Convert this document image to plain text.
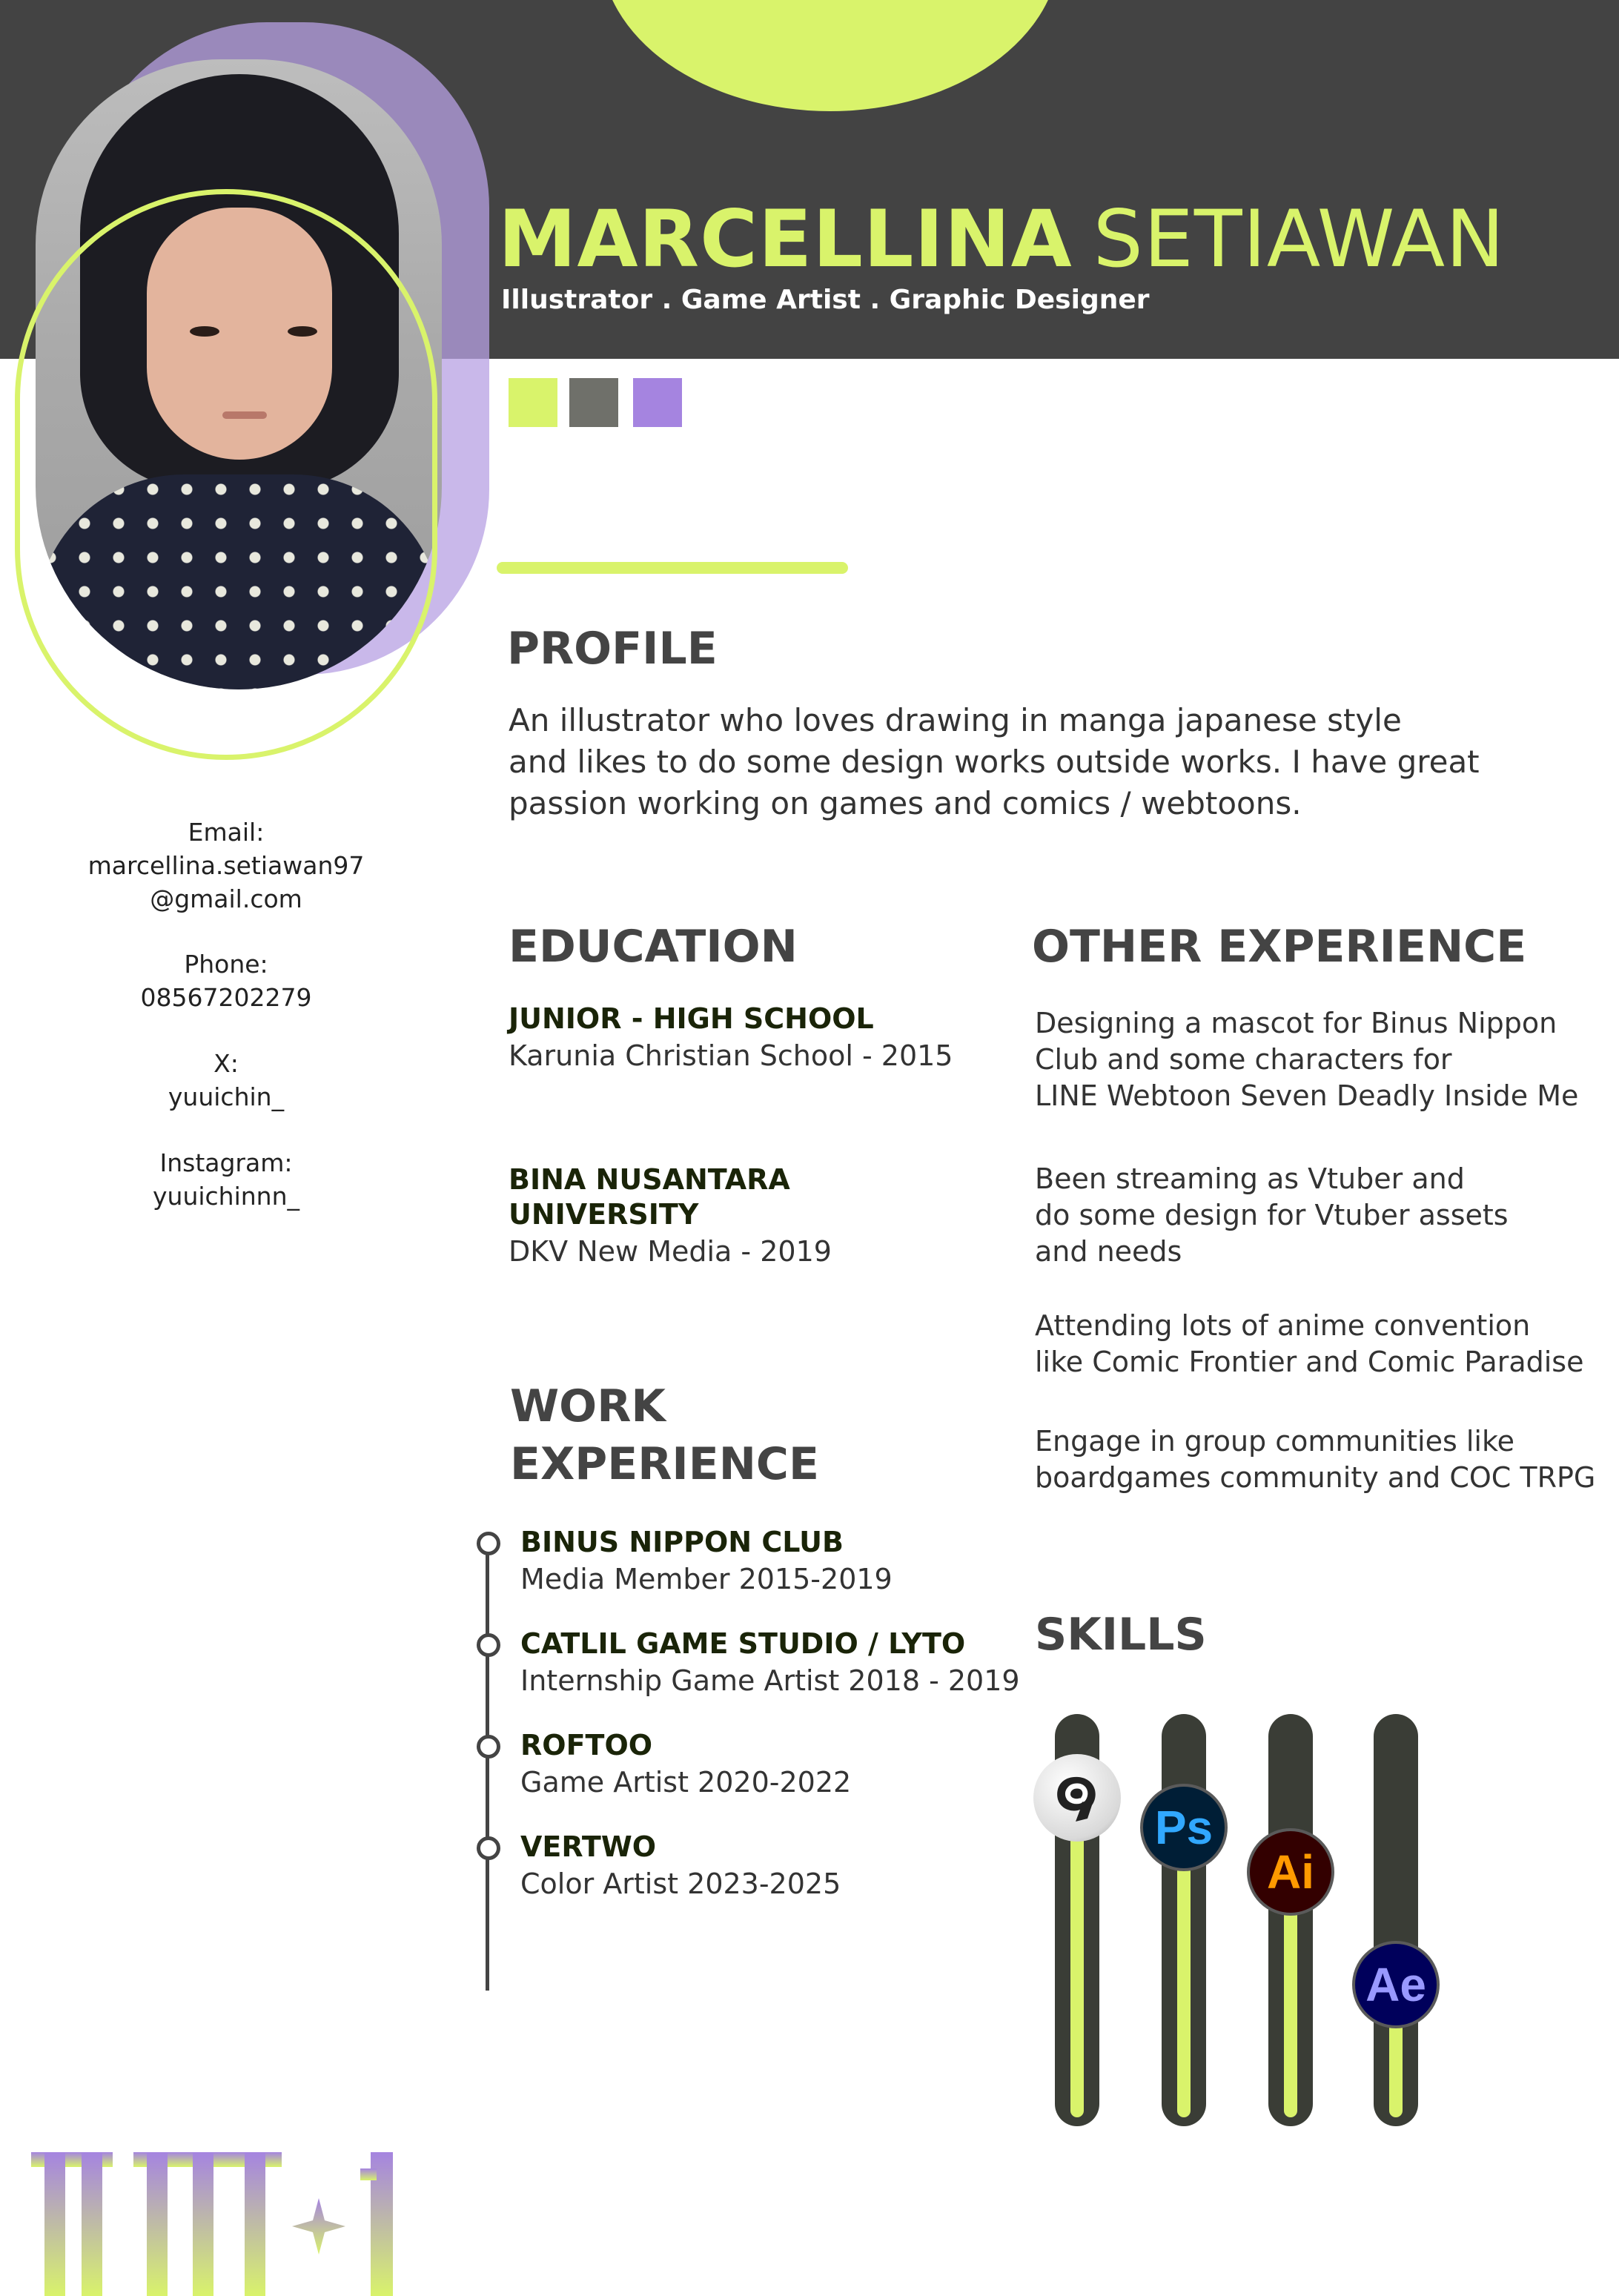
MARCELLINA SETIAWAN
Illustrator . Game Artist . Graphic Designer
Email:
marcellina.setiawan97
@gmail.com
Phone:
08567202279
X:
yuuichin_
Instagram:
yuuichinnn_
PROFILE
An illustrator who loves drawing in manga japanese style
and likes to do some design works outside works. I have great
passion working on games and comics / webtoons.
EDUCATION
JUNIOR - HIGH SCHOOL
Karunia Christian School - 2015
BINA NUSANTARA
UNIVERSITY
DKV New Media - 2019
WORK
EXPERIENCE
BINUS NIPPON CLUB
Media Member 2015-2019
CATLIL GAME STUDIO / LYTO
Internship Game Artist 2018 - 2019
ROFTOO
Game Artist 2020-2022
VERTWO
Color Artist 2023-2025
OTHER EXPERIENCE
Designing a mascot for Binus Nippon
Club and some characters for
LINE Webtoon Seven Deadly Inside Me
Been streaming as Vtuber and
do some design for Vtuber assets
and needs
Attending lots of anime convention
like Comic Frontier and Comic Paradise
Engage in group communities like
boardgames community and COC TRPG
SKILLS
Ps
Ai
Ae
